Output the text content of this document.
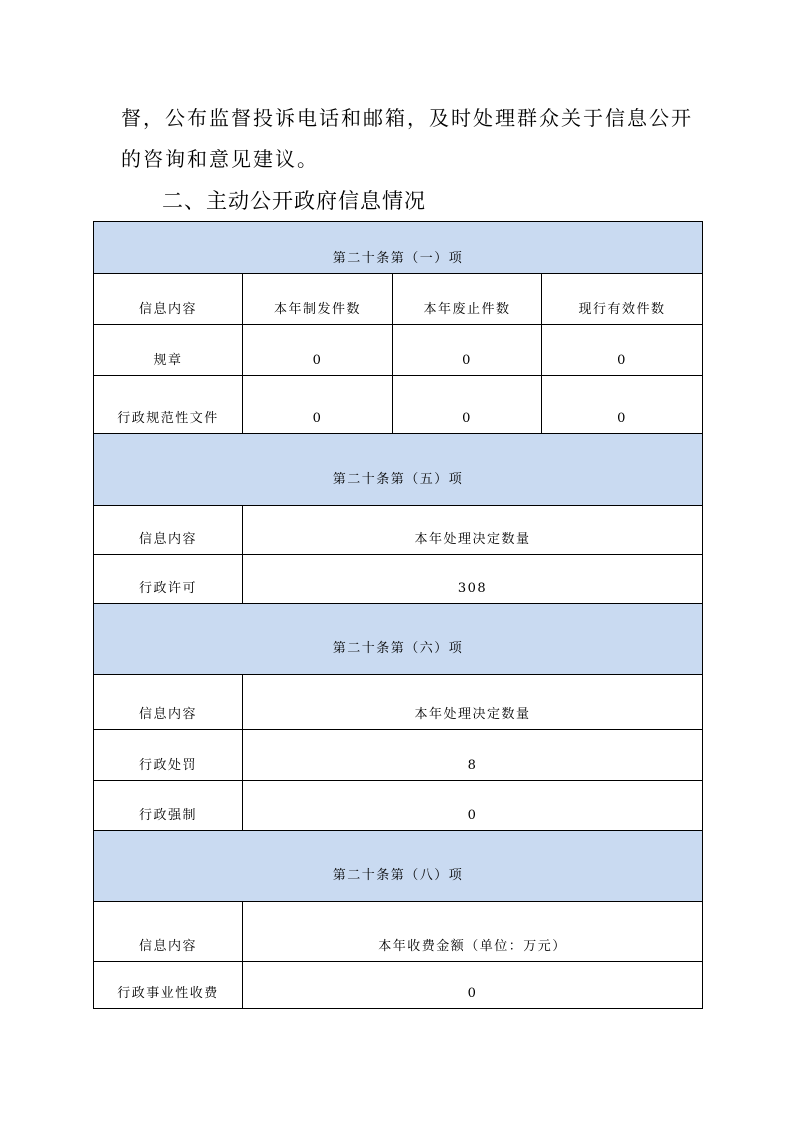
督，公布监督投诉电话和邮箱，及时处理群众关于信息公开
的咨询和意见建议。
二、主动公开政府信息情况
第二十条第（一）项			
信息内容	本年制发件数	本年废止件数	现行有效件数
规章	0	0	0
行政规范性文件	0	0	0
第二十条第（五）项			
信息内容	本年处理决定数量		
行政许可	308		
第二十条第（六）项			
信息内容	本年处理决定数量		
行政处罚	8		
行政强制	0		
第二十条第（八）项			
信息内容	本年收费金额（单位：万元）		
行政事业性收费	0		
